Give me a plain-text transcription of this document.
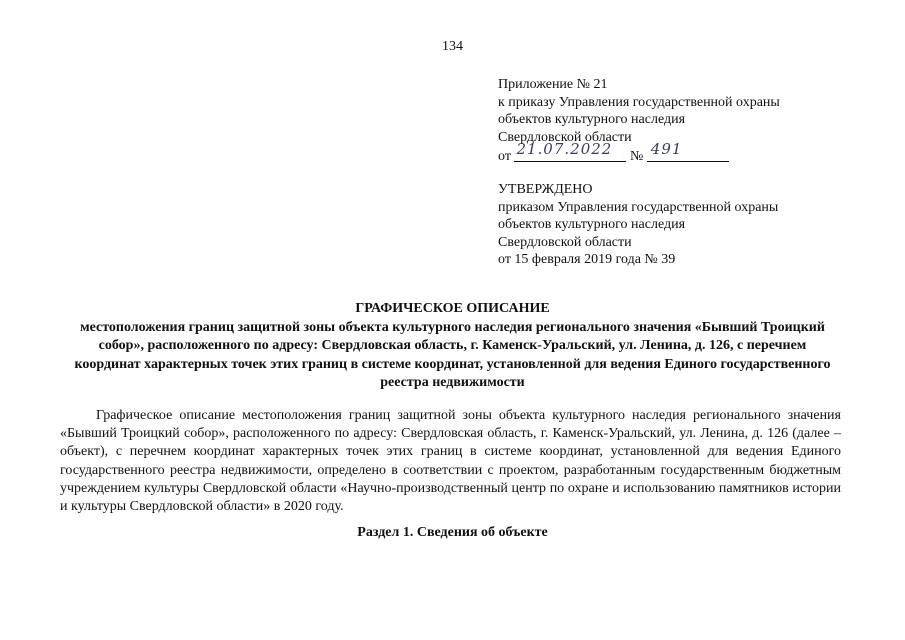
134
Приложение № 21
к приказу Управления государственной охраны
объектов культурного наследия
Свердловской области
от 21.07.2022 № 491
УТВЕРЖДЕНО
приказом Управления государственной охраны
объектов культурного наследия
Свердловской области
от 15 февраля 2019 года № 39
ГРАФИЧЕСКОЕ ОПИСАНИЕ
местоположения границ защитной зоны объекта культурного наследия регионального значения «Бывший Троицкий собор», расположенного по адресу: Свердловская область, г. Каменск-Уральский, ул. Ленина, д. 126, с перечнем координат характерных точек этих границ в системе координат, установленной для ведения Единого государственного реестра недвижимости

Графическое описание местоположения границ защитной зоны объекта культурного наследия регионального значения «Бывший Троицкий собор», расположенного по адресу: Свердловская область, г. Каменск-Уральский, ул. Ленина, д. 126 (далее – объект), с перечнем координат характерных точек этих границ в системе координат, установленной для ведения Единого государственного реестра недвижимости, определено в соответствии с проектом, разработанным государственным бюджетным учреждением культуры Свердловской области «Научно-производственный центр по охране и использованию памятников истории и культуры Свердловской области» в 2020 году.

Раздел 1. Сведения об объекте
